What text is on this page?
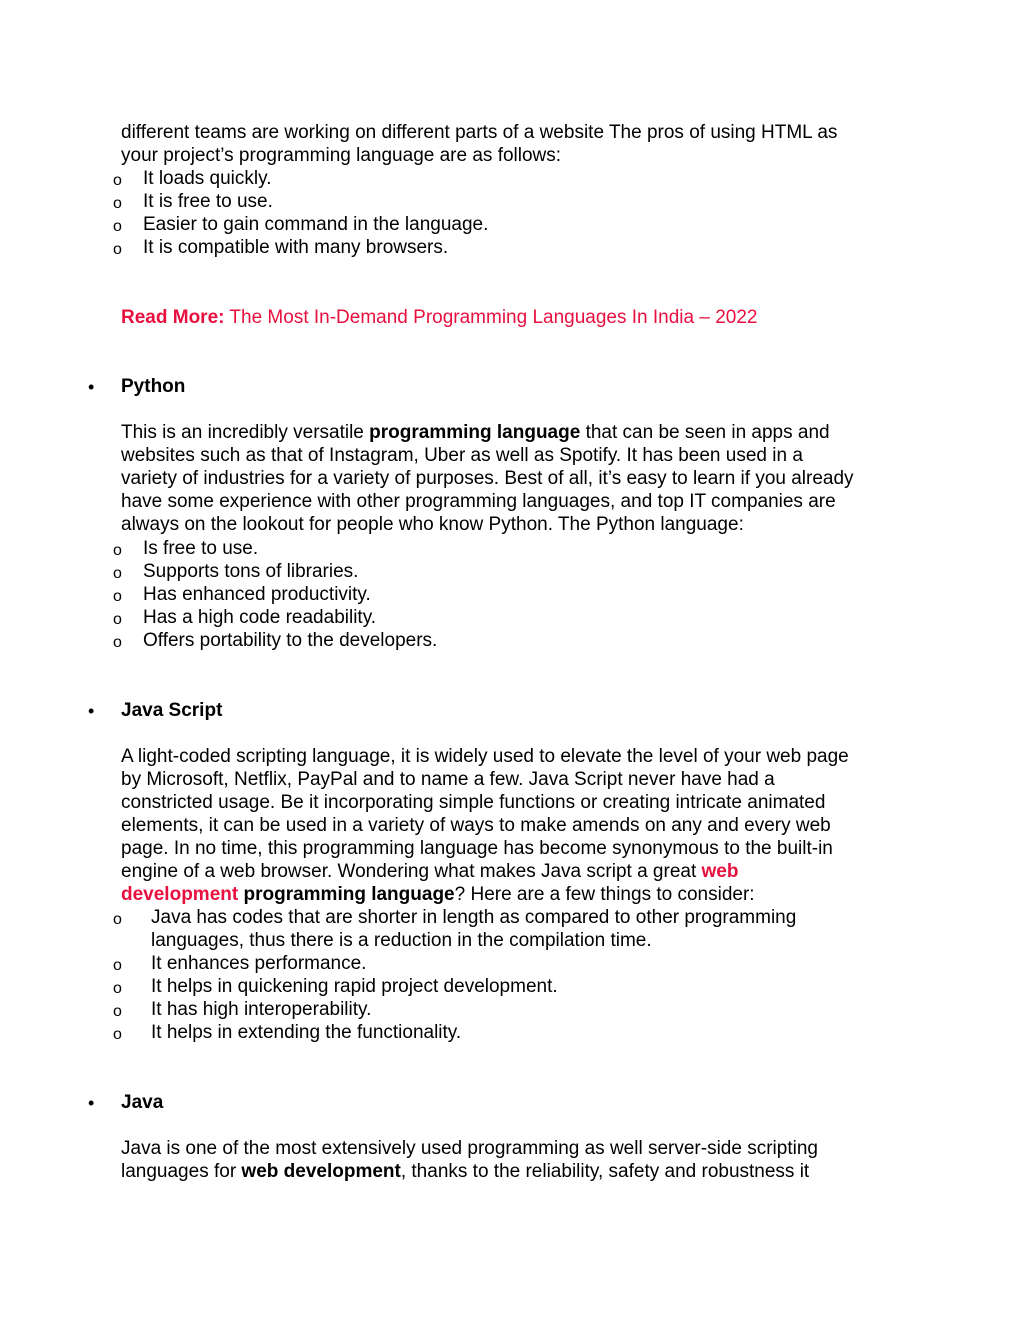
different teams are working on different parts of a website The pros of using HTML as
your project’s programming language are as follows:
o It loads quickly.
o It is free to use.
o Easier to gain command in the language.
o It is compatible with many browsers.
Read More: The Most In-Demand Programming Languages In India – 2022
• Python
This is an incredibly versatile programming language that can be seen in apps and
websites such as that of Instagram, Uber as well as Spotify. It has been used in a
variety of industries for a variety of purposes. Best of all, it’s easy to learn if you already
have some experience with other programming languages, and top IT companies are
always on the lookout for people who know Python. The Python language:
o Is free to use.
o Supports tons of libraries.
o Has enhanced productivity.
o Has a high code readability.
o Offers portability to the developers.
• Java Script
A light-coded scripting language, it is widely used to elevate the level of your web page
by Microsoft, Netflix, PayPal and to name a few. Java Script never have had a
constricted usage. Be it incorporating simple functions or creating intricate animated
elements, it can be used in a variety of ways to make amends on any and every web
page. In no time, this programming language has become synonymous to the built-in
engine of a web browser. Wondering what makes Java script a great web
development programming language? Here are a few things to consider:
o Java has codes that are shorter in length as compared to other programming
languages, thus there is a reduction in the compilation time.
o It enhances performance.
o It helps in quickening rapid project development.
o It has high interoperability.
o It helps in extending the functionality.
• Java
Java is one of the most extensively used programming as well server-side scripting
languages for web development, thanks to the reliability, safety and robustness it
